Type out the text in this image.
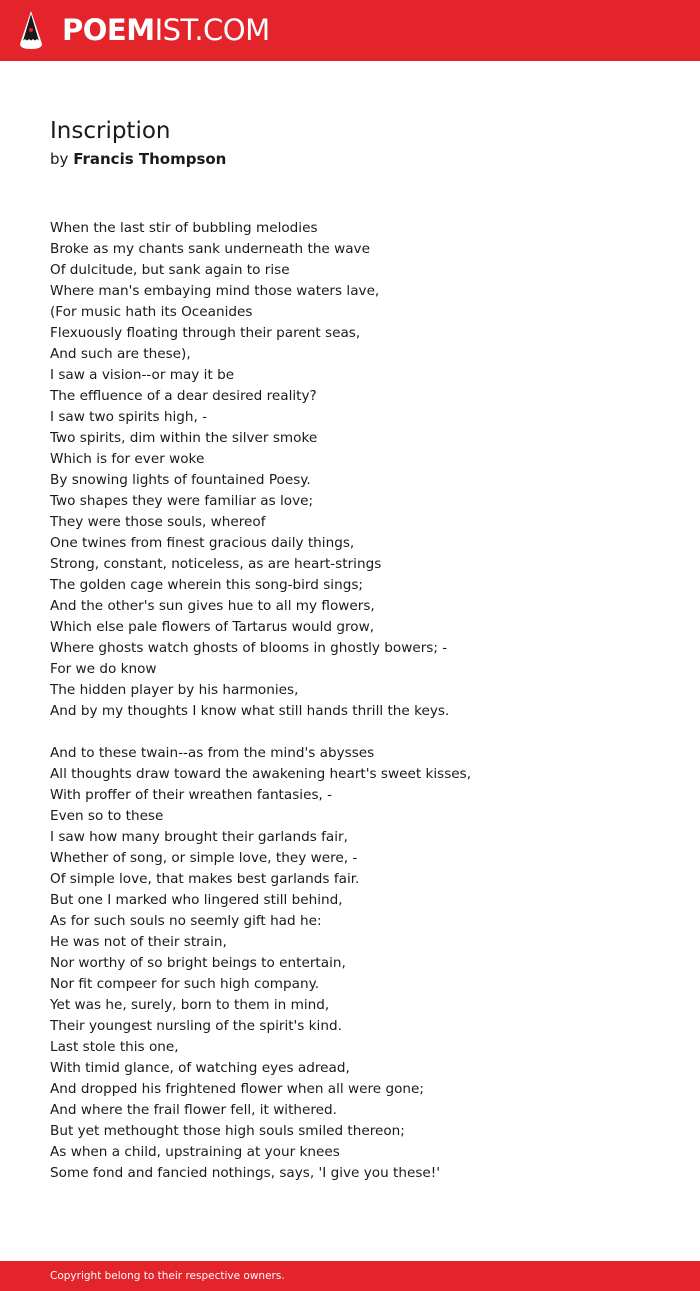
POEMIST.COM
Inscription
by Francis Thompson
When the last stir of bubbling melodies
Broke as my chants sank underneath the wave
Of dulcitude, but sank again to rise
Where man's embaying mind those waters lave,
(For music hath its Oceanides
Flexuously floating through their parent seas,
And such are these),
I saw a vision--or may it be
The effluence of a dear desired reality?
I saw two spirits high, -
Two spirits, dim within the silver smoke
Which is for ever woke
By snowing lights of fountained Poesy.
Two shapes they were familiar as love;
They were those souls, whereof
One twines from finest gracious daily things,
Strong, constant, noticeless, as are heart-strings
The golden cage wherein this song-bird sings;
And the other's sun gives hue to all my flowers,
Which else pale flowers of Tartarus would grow,
Where ghosts watch ghosts of blooms in ghostly bowers; -
For we do know
The hidden player by his harmonies,
And by my thoughts I know what still hands thrill the keys.
And to these twain--as from the mind's abysses
All thoughts draw toward the awakening heart's sweet kisses,
With proffer of their wreathen fantasies, -
Even so to these
I saw how many brought their garlands fair,
Whether of song, or simple love, they were, -
Of simple love, that makes best garlands fair.
But one I marked who lingered still behind,
As for such souls no seemly gift had he:
He was not of their strain,
Nor worthy of so bright beings to entertain,
Nor fit compeer for such high company.
Yet was he, surely, born to them in mind,
Their youngest nursling of the spirit's kind.
Last stole this one,
With timid glance, of watching eyes adread,
And dropped his frightened flower when all were gone;
And where the frail flower fell, it withered.
But yet methought those high souls smiled thereon;
As when a child, upstraining at your knees
Some fond and fancied nothings, says, 'I give you these!'
Copyright belong to their respective owners.
